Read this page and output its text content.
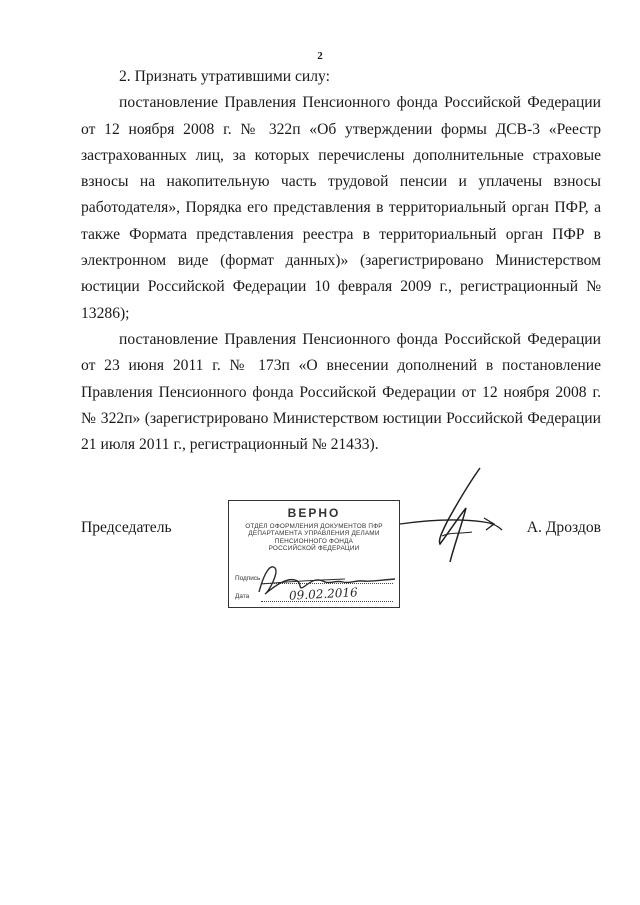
2

2. Признать утратившими силу:

постановление Правления Пенсионного фонда Российской Федерации от 12 ноября 2008 г. № 322п «Об утверждении формы ДСВ-3 «Реестр застрахованных лиц, за которых перечислены дополнительные страховые взносы на накопительную часть трудовой пенсии и уплачены взносы работодателя», Порядка его представления в территориальный орган ПФР, а также Формата представления реестра в территориальный орган ПФР в электронном виде (формат данных)» (зарегистрировано Министерством юстиции Российской Федерации 10 февраля 2009 г., регистрационный № 13286);

постановление Правления Пенсионного фонда Российской Федерации от 23 июня 2011 г. № 173п «О внесении дополнений в постановление Правления Пенсионного фонда Российской Федерации от 12 ноября 2008 г. № 322п» (зарегистрировано Министерством юстиции Российской Федерации 21 июля 2011 г., регистрационный № 21433).

Председатель	А. Дроздов
ВЕРНО
ОТДЕЛ ОФОРМЛЕНИЯ ДОКУМЕНТОВ ПФР
ДЕПАРТАМЕНТА УПРАВЛЕНИЯ ДЕЛАМИ
ПЕНСИОННОГО ФОНДА
РОССИЙСКОЙ ФЕДЕРАЦИИ
Подпись
Дата	09.02.2016
